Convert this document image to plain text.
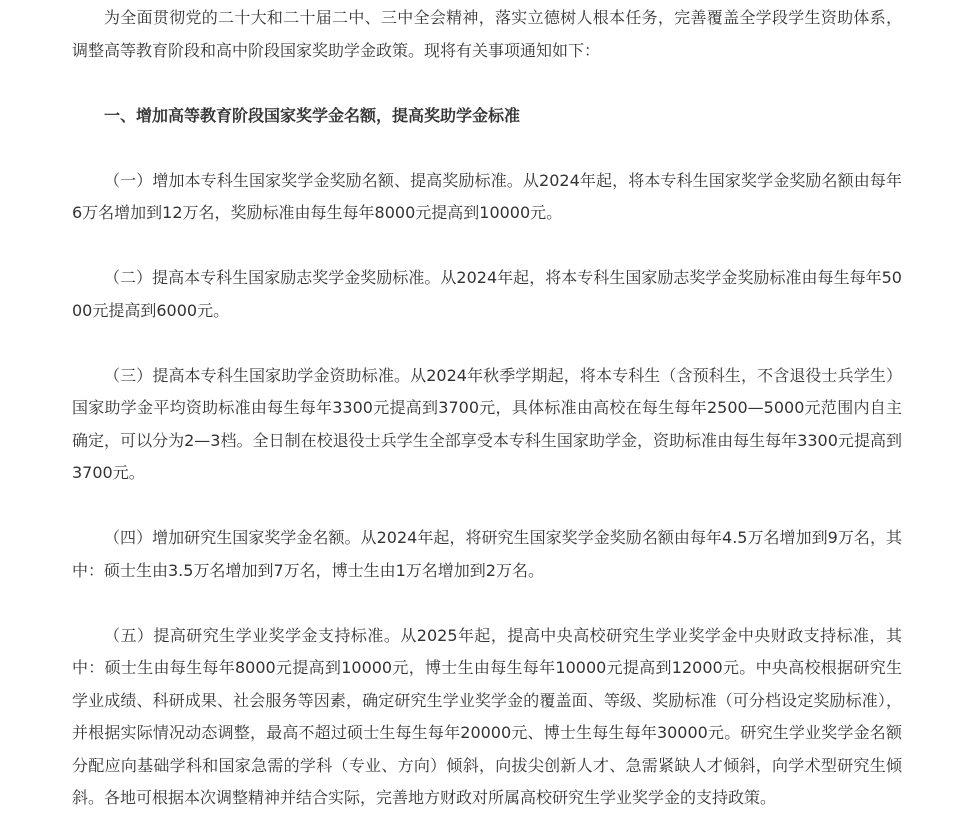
为全面贯彻党的二十大和二十届二中、三中全会精神，落实立德树人根本任务，完善覆盖全学段学生资助体系，调整高等教育阶段和高中阶段国家奖助学金政策。现将有关事项通知如下：

一、增加高等教育阶段国家奖学金名额，提高奖助学金标准

（一）增加本专科生国家奖学金奖励名额、提高奖励标准。从2024年起，将本专科生国家奖学金奖励名额由每年6万名增加到12万名，奖励标准由每生每年8000元提高到10000元。

（二）提高本专科生国家励志奖学金奖励标准。从2024年起，将本专科生国家励志奖学金奖励标准由每生每年5000元提高到6000元。

（三）提高本专科生国家助学金资助标准。从2024年秋季学期起，将本专科生（含预科生，不含退役士兵学生）国家助学金平均资助标准由每生每年3300元提高到3700元，具体标准由高校在每生每年2500—5000元范围内自主确定，可以分为2—3档。全日制在校退役士兵学生全部享受本专科生国家助学金，资助标准由每生每年3300元提高到3700元。

（四）增加研究生国家奖学金名额。从2024年起，将研究生国家奖学金奖励名额由每年4.5万名增加到9万名，其中：硕士生由3.5万名增加到7万名，博士生由1万名增加到2万名。

（五）提高研究生学业奖学金支持标准。从2025年起，提高中央高校研究生学业奖学金中央财政支持标准，其中：硕士生由每生每年8000元提高到10000元，博士生由每生每年10000元提高到12000元。中央高校根据研究生学业成绩、科研成果、社会服务等因素，确定研究生学业奖学金的覆盖面、等级、奖励标准（可分档设定奖励标准），并根据实际情况动态调整，最高不超过硕士生每生每年20000元、博士生每生每年30000元。研究生学业奖学金名额分配应向基础学科和国家急需的学科（专业、方向）倾斜，向拔尖创新人才、急需紧缺人才倾斜，向学术型研究生倾斜。各地可根据本次调整精神并结合实际，完善地方财政对所属高校研究生学业奖学金的支持政策。
